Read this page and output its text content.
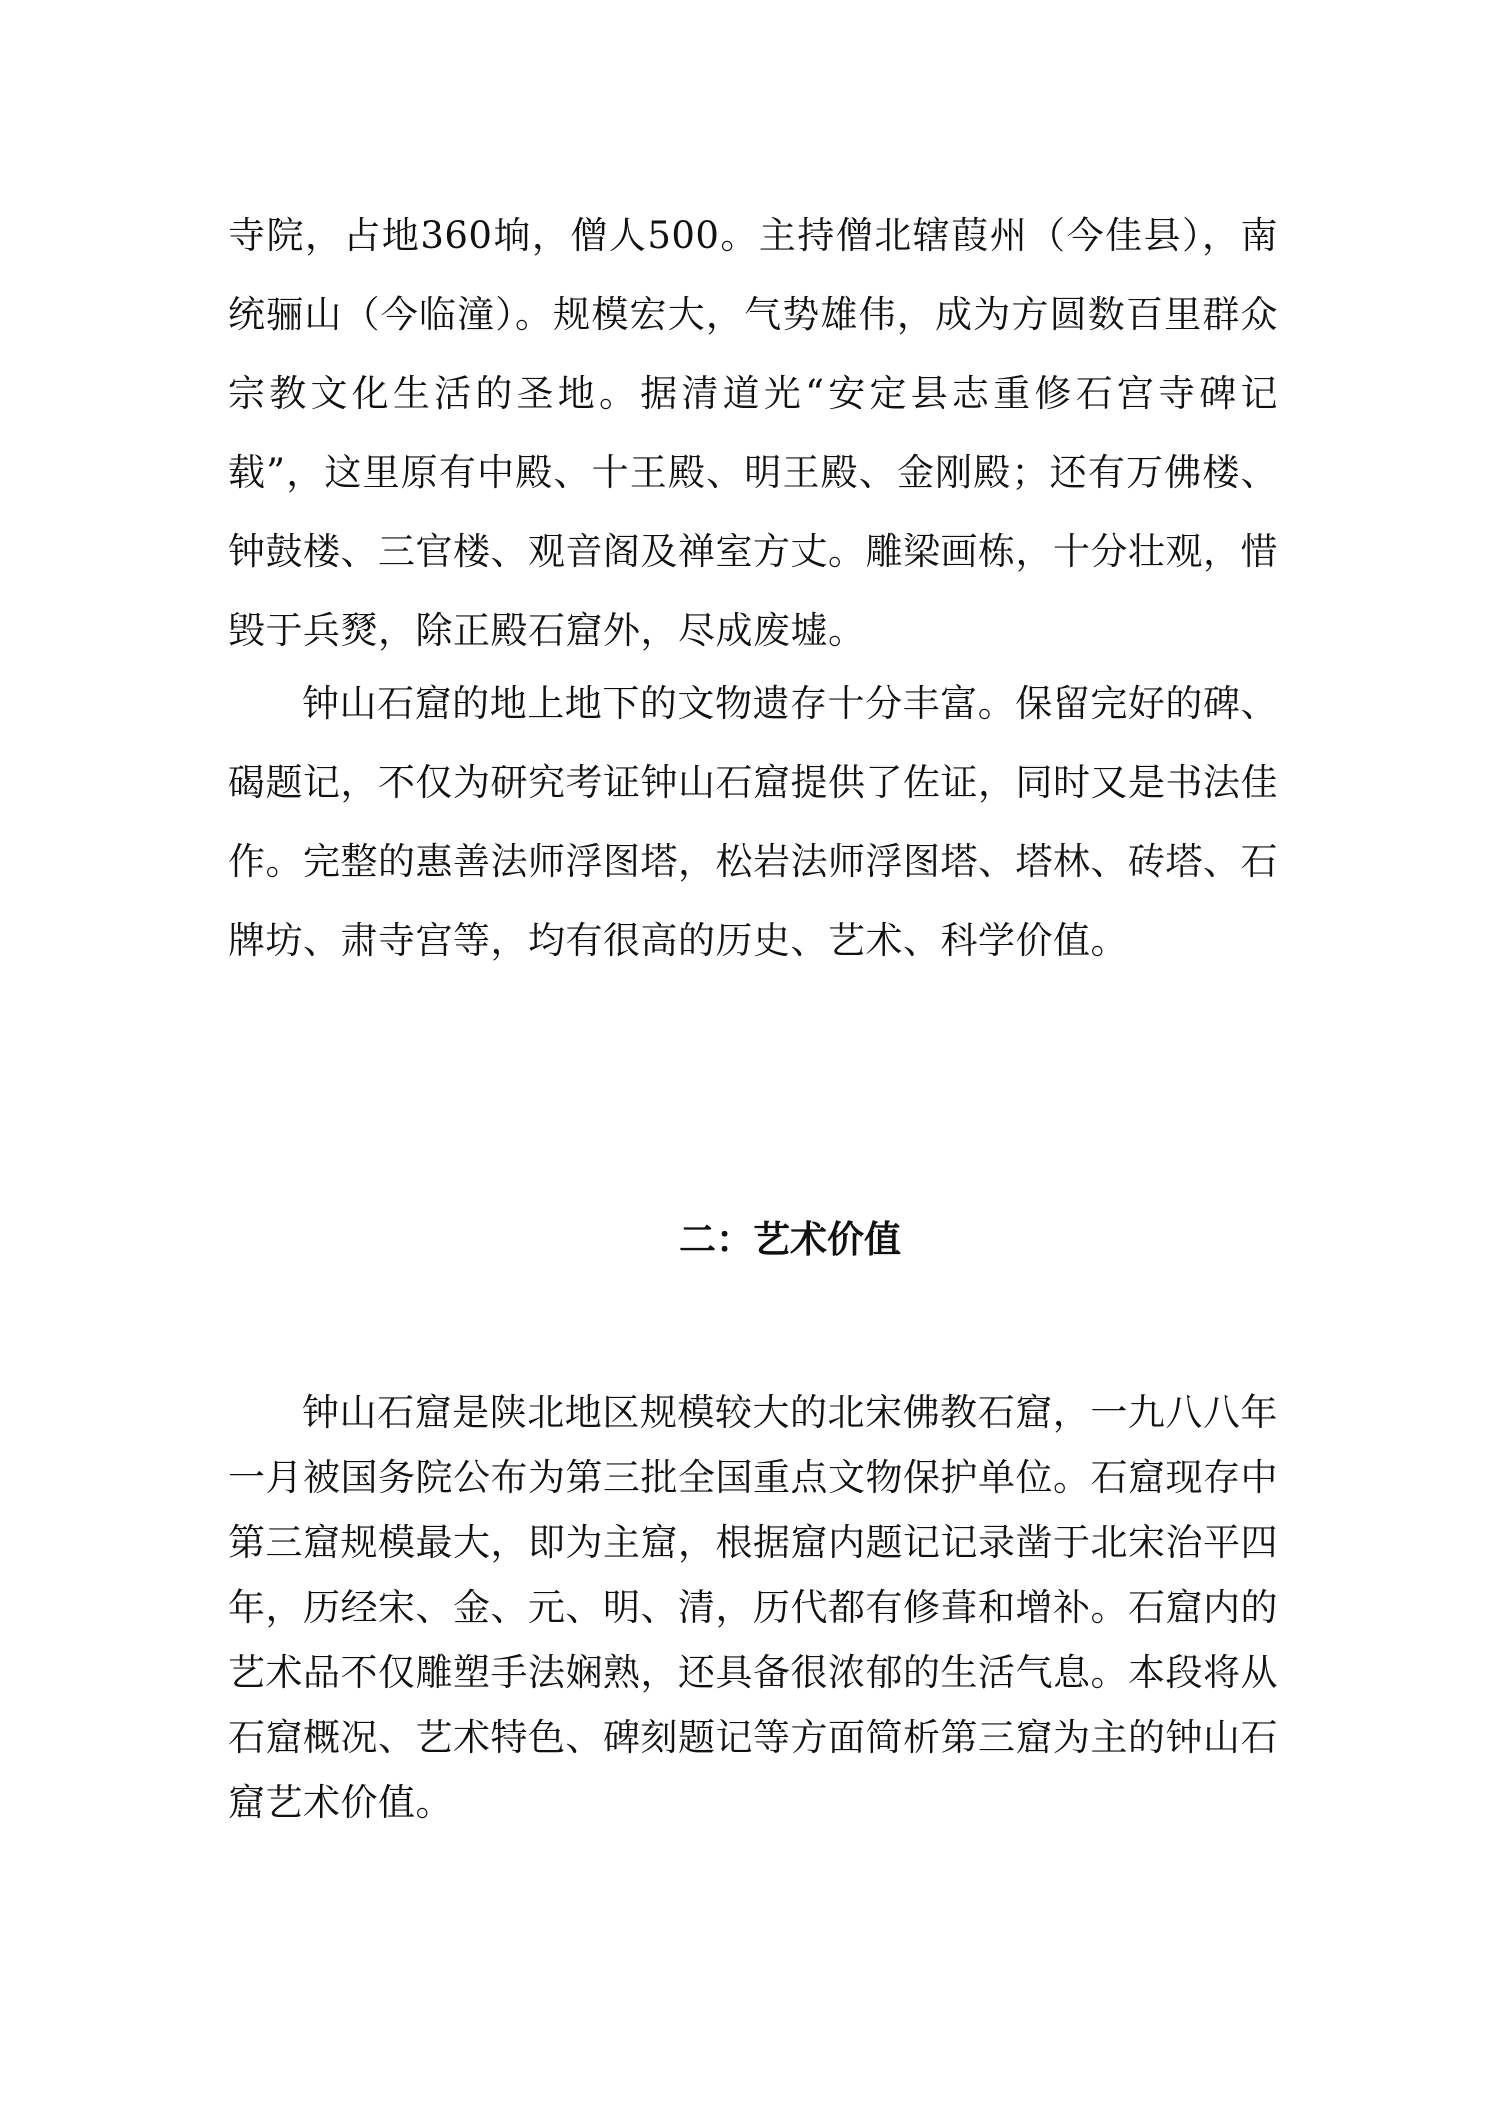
寺院，占地360垧，僧人500。主持僧北辖葭州（今佳县），南统骊山（今临潼）。规模宏大，气势雄伟，成为方圆数百里群众宗教文化生活的圣地。据清道光“安定县志重修石宫寺碑记载”，这里原有中殿、十王殿、明王殿、金刚殿；还有万佛楼、钟鼓楼、三官楼、观音阁及禅室方丈。雕梁画栋，十分壮观，惜毁于兵燹，除正殿石窟外，尽成废墟。

钟山石窟的地上地下的文物遗存十分丰富。保留完好的碑、碣题记，不仅为研究考证钟山石窟提供了佐证，同时又是书法佳作。完整的惠善法师浮图塔，松岩法师浮图塔、塔林、砖塔、石牌坊、肃寺宫等，均有很高的历史、艺术、科学价值。

二：艺术价值

钟山石窟是陕北地区规模较大的北宋佛教石窟，一九八八年一月被国务院公布为第三批全国重点文物保护单位。石窟现存中第三窟规模最大，即为主窟，根据窟内题记记录凿于北宋治平四年，历经宋、金、元、明、清，历代都有修葺和增补。石窟内的艺术品不仅雕塑手法娴熟，还具备很浓郁的生活气息。本段将从石窟概况、艺术特色、碑刻题记等方面简析第三窟为主的钟山石窟艺术价值。
